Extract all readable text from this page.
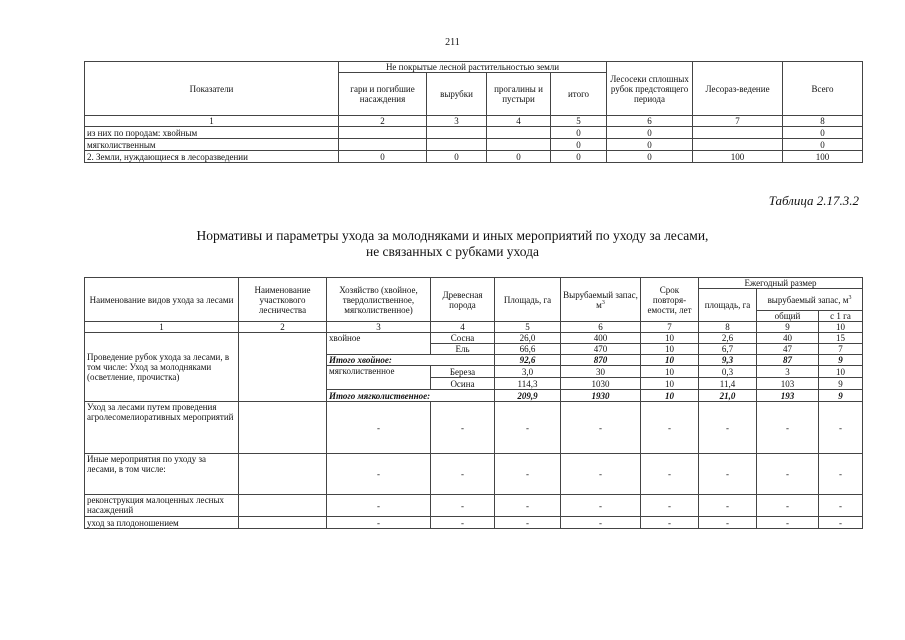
211
Показатели	Не покрытые лесной растительностью земли				Лесосеки сплошных рубок предстоящего периода	Лесораз-ведение	Всего
	гари и погибшие насаждения	вырубки	прогалины и пустыри	итого			
1	2	3	4	5	6	7	8
из них по породам: хвойным				0	0		0
мягколиственным				0	0		0
2. Земли, нуждающиеся в лесоразведении	0	0	0	0	0	100	100
Таблица 2.17.3.2
Нормативы и параметры ухода за молодняками и иных мероприятий по уходу за лесами,
не связанных с рубками ухода
Наименование видов ухода за лесами	Наименование участкового лесничества	Хозяйство (хвойное, твердолиственное, мягколиственное)	Древесная порода	Площадь, га	Вырубаемый запас, $м^3$	Срок повторя-емости, лет	Ежегодный размер		
							площадь, га	вырубаемый запас, $м^3$
								общий	с 1 га
1	2	3	4	5	6	7	8	9	10
Проведение рубок ухода за лесами, в том числе: Уход за молодняками (осветление, прочистка)		хвойное	Сосна	26,0	400	10	2,6	40	15
			Ель	66,6	470	10	6,7	47	7
		Итого хвойное:		92,6	870	10	9,3	87	9
		мягколиственное	Береза	3,0	30	10	0,3	3	10
			Осина	114,3	1030	10	11,4	103	9
		Итого мягколиственное:		209,9	1930	10	21,0	193	9
Уход за лесами путем проведения агролесомелиоративных мероприятий		-	-	-	-	-	-	-	-
Иные мероприятия по уходу за лесами, в том числе:		-	-	-	-	-	-	-	-
реконструкция малоценных лесных насаждений		-	-	-	-	-	-	-	-
уход за плодоношением		-	-	-	-	-	-	-	-
